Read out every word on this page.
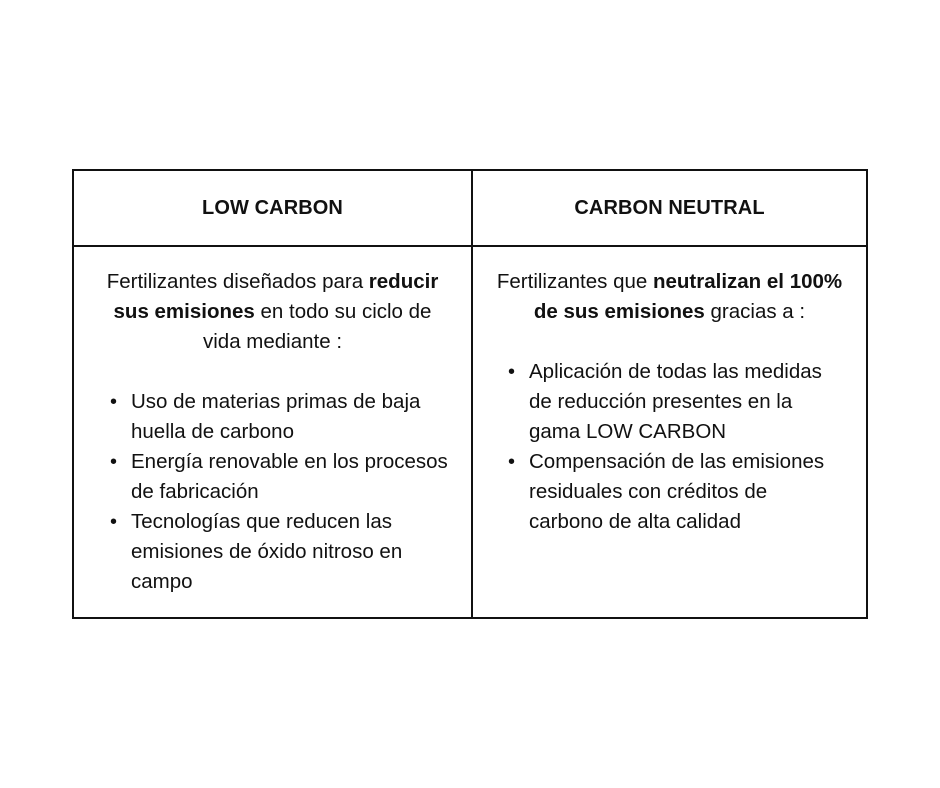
LOW CARBON	CARBON NEUTRAL

Fertilizantes diseñados para reducir sus emisiones en todo su ciclo de vida mediante :

• Uso de materias primas de baja huella de carbono
• Energía renovable en los procesos de fabricación
• Tecnologías que reducen las emisiones de óxido nitroso en campo

Fertilizantes que neutralizan el 100% de sus emisiones gracias a :

• Aplicación de todas las medidas de reducción presentes en la gama LOW CARBON
• Compensación de las emisiones residuales con créditos de carbono de alta calidad
